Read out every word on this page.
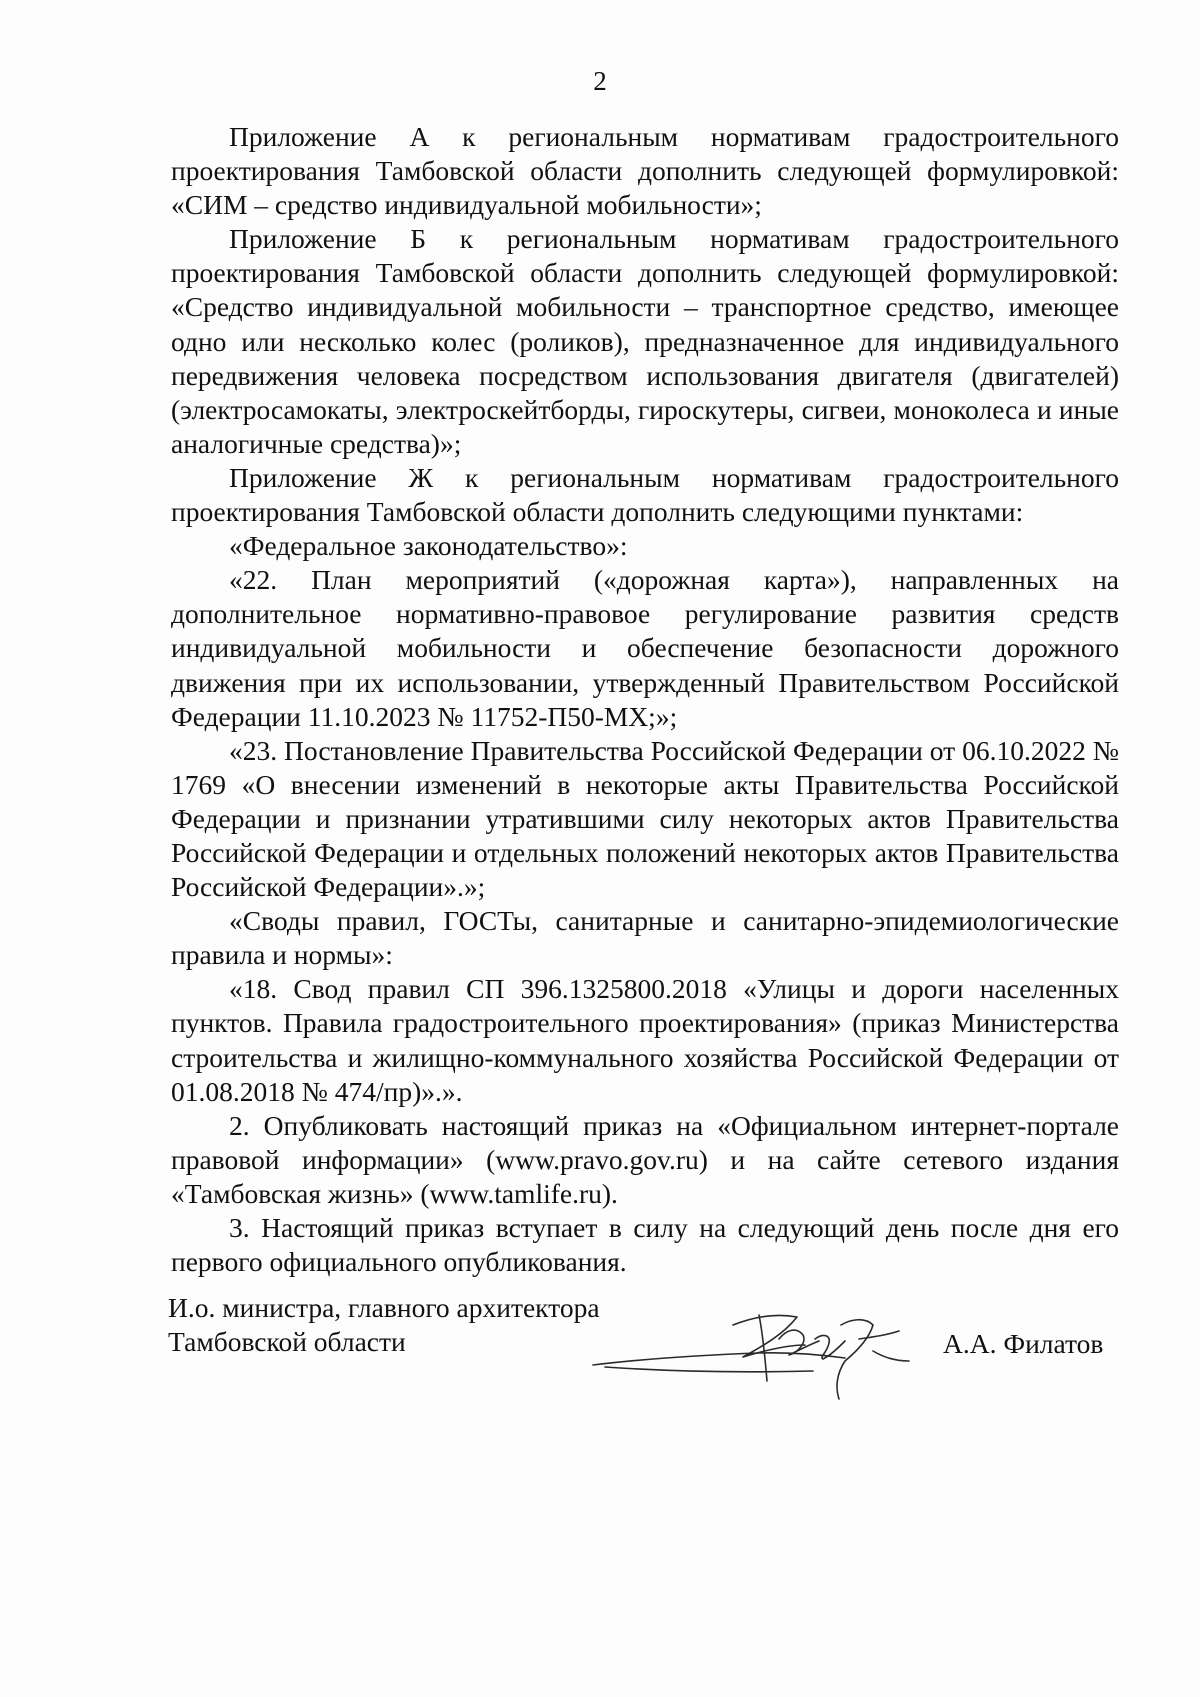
2

Приложение А к региональным нормативам градостроительного проектирования Тамбовской области дополнить следующей формулировкой: «СИМ – средство индивидуальной мобильности»;

Приложение Б к региональным нормативам градостроительного проектирования Тамбовской области дополнить следующей формулировкой: «Средство индивидуальной мобильности – транспортное средство, имеющее одно или несколько колес (роликов), предназначенное для индивидуального передвижения человека посредством использования двигателя (двигателей) (электросамокаты, электроскейтборды, гироскутеры, сигвеи, моноколеса и иные аналогичные средства)»;

Приложение Ж к региональным нормативам градостроительного проектирования Тамбовской области дополнить следующими пунктами:

«Федеральное законодательство»:

«22. План мероприятий («дорожная карта»), направленных на дополнительное нормативно-правовое регулирование развития средств индивидуальной мобильности и обеспечение безопасности дорожного движения при их использовании, утвержденный Правительством Российской Федерации 11.10.2023 № 11752-П50-МХ;»;

«23. Постановление Правительства Российской Федерации от 06.10.2022 № 1769 «О внесении изменений в некоторые акты Правительства Российской Федерации и признании утратившими силу некоторых актов Правительства Российской Федерации и отдельных положений некоторых актов Правительства Российской Федерации».»;

«Своды правил, ГОСТы, санитарные и санитарно-эпидемиологические правила и нормы»:

«18. Свод правил СП 396.1325800.2018 «Улицы и дороги населенных пунктов. Правила градостроительного проектирования» (приказ Министерства строительства и жилищно-коммунального хозяйства Российской Федерации от 01.08.2018 № 474/пр)».».

2. Опубликовать настоящий приказ на «Официальном интернет-портале правовой информации» (www.pravo.gov.ru) и на сайте сетевого издания «Тамбовская жизнь» (www.tamlife.ru).

3. Настоящий приказ вступает в силу на следующий день после дня его первого официального опубликования.

И.о. министра, главного архитектора
Тамбовской области	А.А. Филатов
